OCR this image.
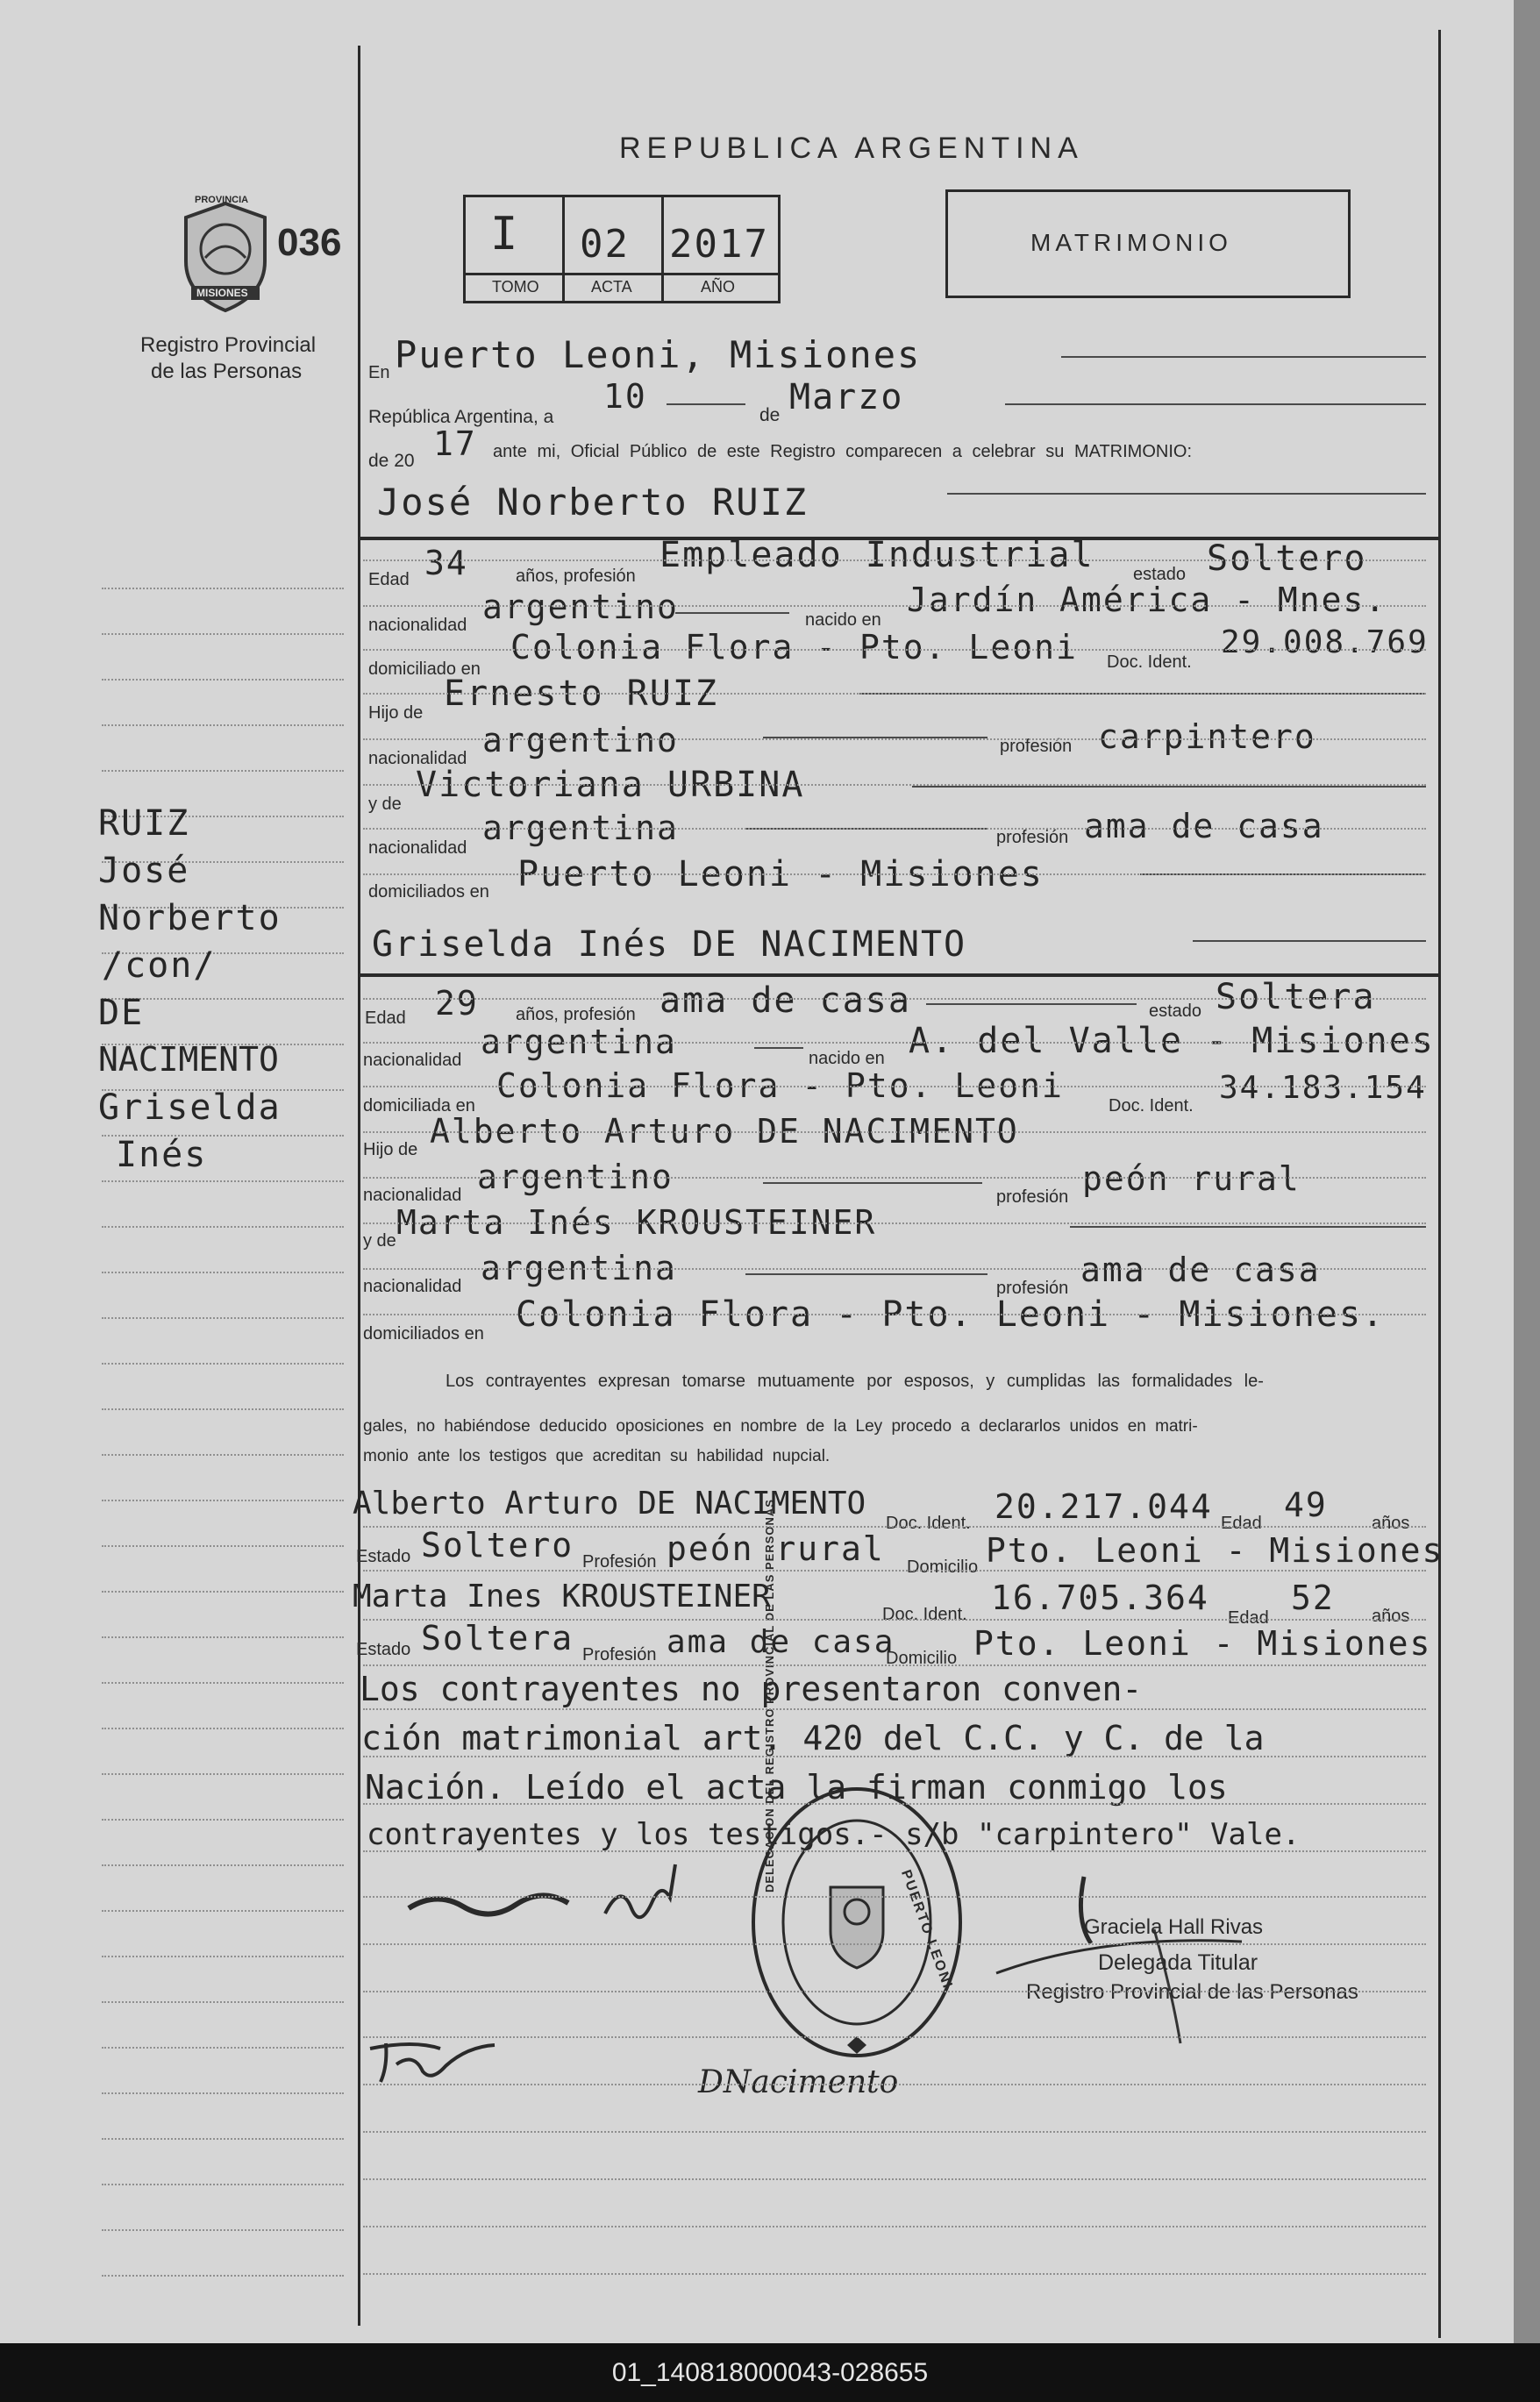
REPUBLICA ARGENTINA
PROVINCIA
MISIONES
036
Registro Provincial
de las Personas
I 02 2017
TOMO	ACTA	AÑO
MATRIMONIO
En Puerto Leoni, Misiones
República Argentina, a
10	de Marzo
de 20 17 ante mi, Oficial Público de este Registro comparecen a celebrar su MATRIMONIO:
José Norberto RUIZ
Edad 34	años, profesión
Empleado Industrial estado Soltero
nacionalidad argentino	nacido en
Jardín América - Mnes.
domiciliado en
Colonia Flora - Pto. Leoni Doc. Ident.
29.008.769
Hijo de Ernesto RUIZ
nacionalidad argentino	profesión carpintero
y de Victoriana URBINA
nacionalidad
argentina	profesión ama de casa
domiciliados en Puerto Leoni - Misiones
Griselda Inés DE NACIMENTO
Edad 29 años, profesión ama de casa	estado Soltera
nacionalidad argentina	nacido en A. del Valle - Misiones
domiciliada en
Colonia Flora - Pto. Leoni
Doc. Ident. 34.183.154
Hijo de Alberto Arturo DE NACIMENTO
nacionalidad argentino
profesión peón rural
y de Marta Inés KROUSTEINER
nacionalidad argentina
profesión ama de casa
domiciliados en Colonia Flora - Pto. Leoni - Misiones.
RUIZ
José
Norberto
/con/
DE
NACIMENTO
Griselda
Inés
Los contrayentes expresan tomarse mutuamente por esposos, y cumplidas las formalidades le-
gales, no habiéndose deducido oposiciones en nombre de la Ley procedo a declararlos unidos en matri-
monio ante los testigos que acreditan su habilidad nupcial.
Alberto Arturo DE NACIMENTO
Doc. Ident. 20.217.044 Edad 49	años
Estado Soltero Profesión peón rural Domicilio Pto. Leoni - Misiones
Marta Ines KROUSTEINER	Doc. Ident. 16.705.364
Edad
52 años
Estado Soltera Profesión ama de casa
Domicilio Pto. Leoni - Misiones
Los contrayentes no presentaron conven-
ción matrimonial art. 420 del C.C. y C. de la
Nación. Leído el acta la firman conmigo los
contrayentes y los testigos.- s/b "carpintero" Vale.
DELEGACION DEL REGISTRO PROVINCIAL DE LAS PERSONAS
PUERTO LEONI	Graciela Hall Rivas
Delegada Titular
Registro Provincial de las Personas
DNacimento
01_140818000043-028655
